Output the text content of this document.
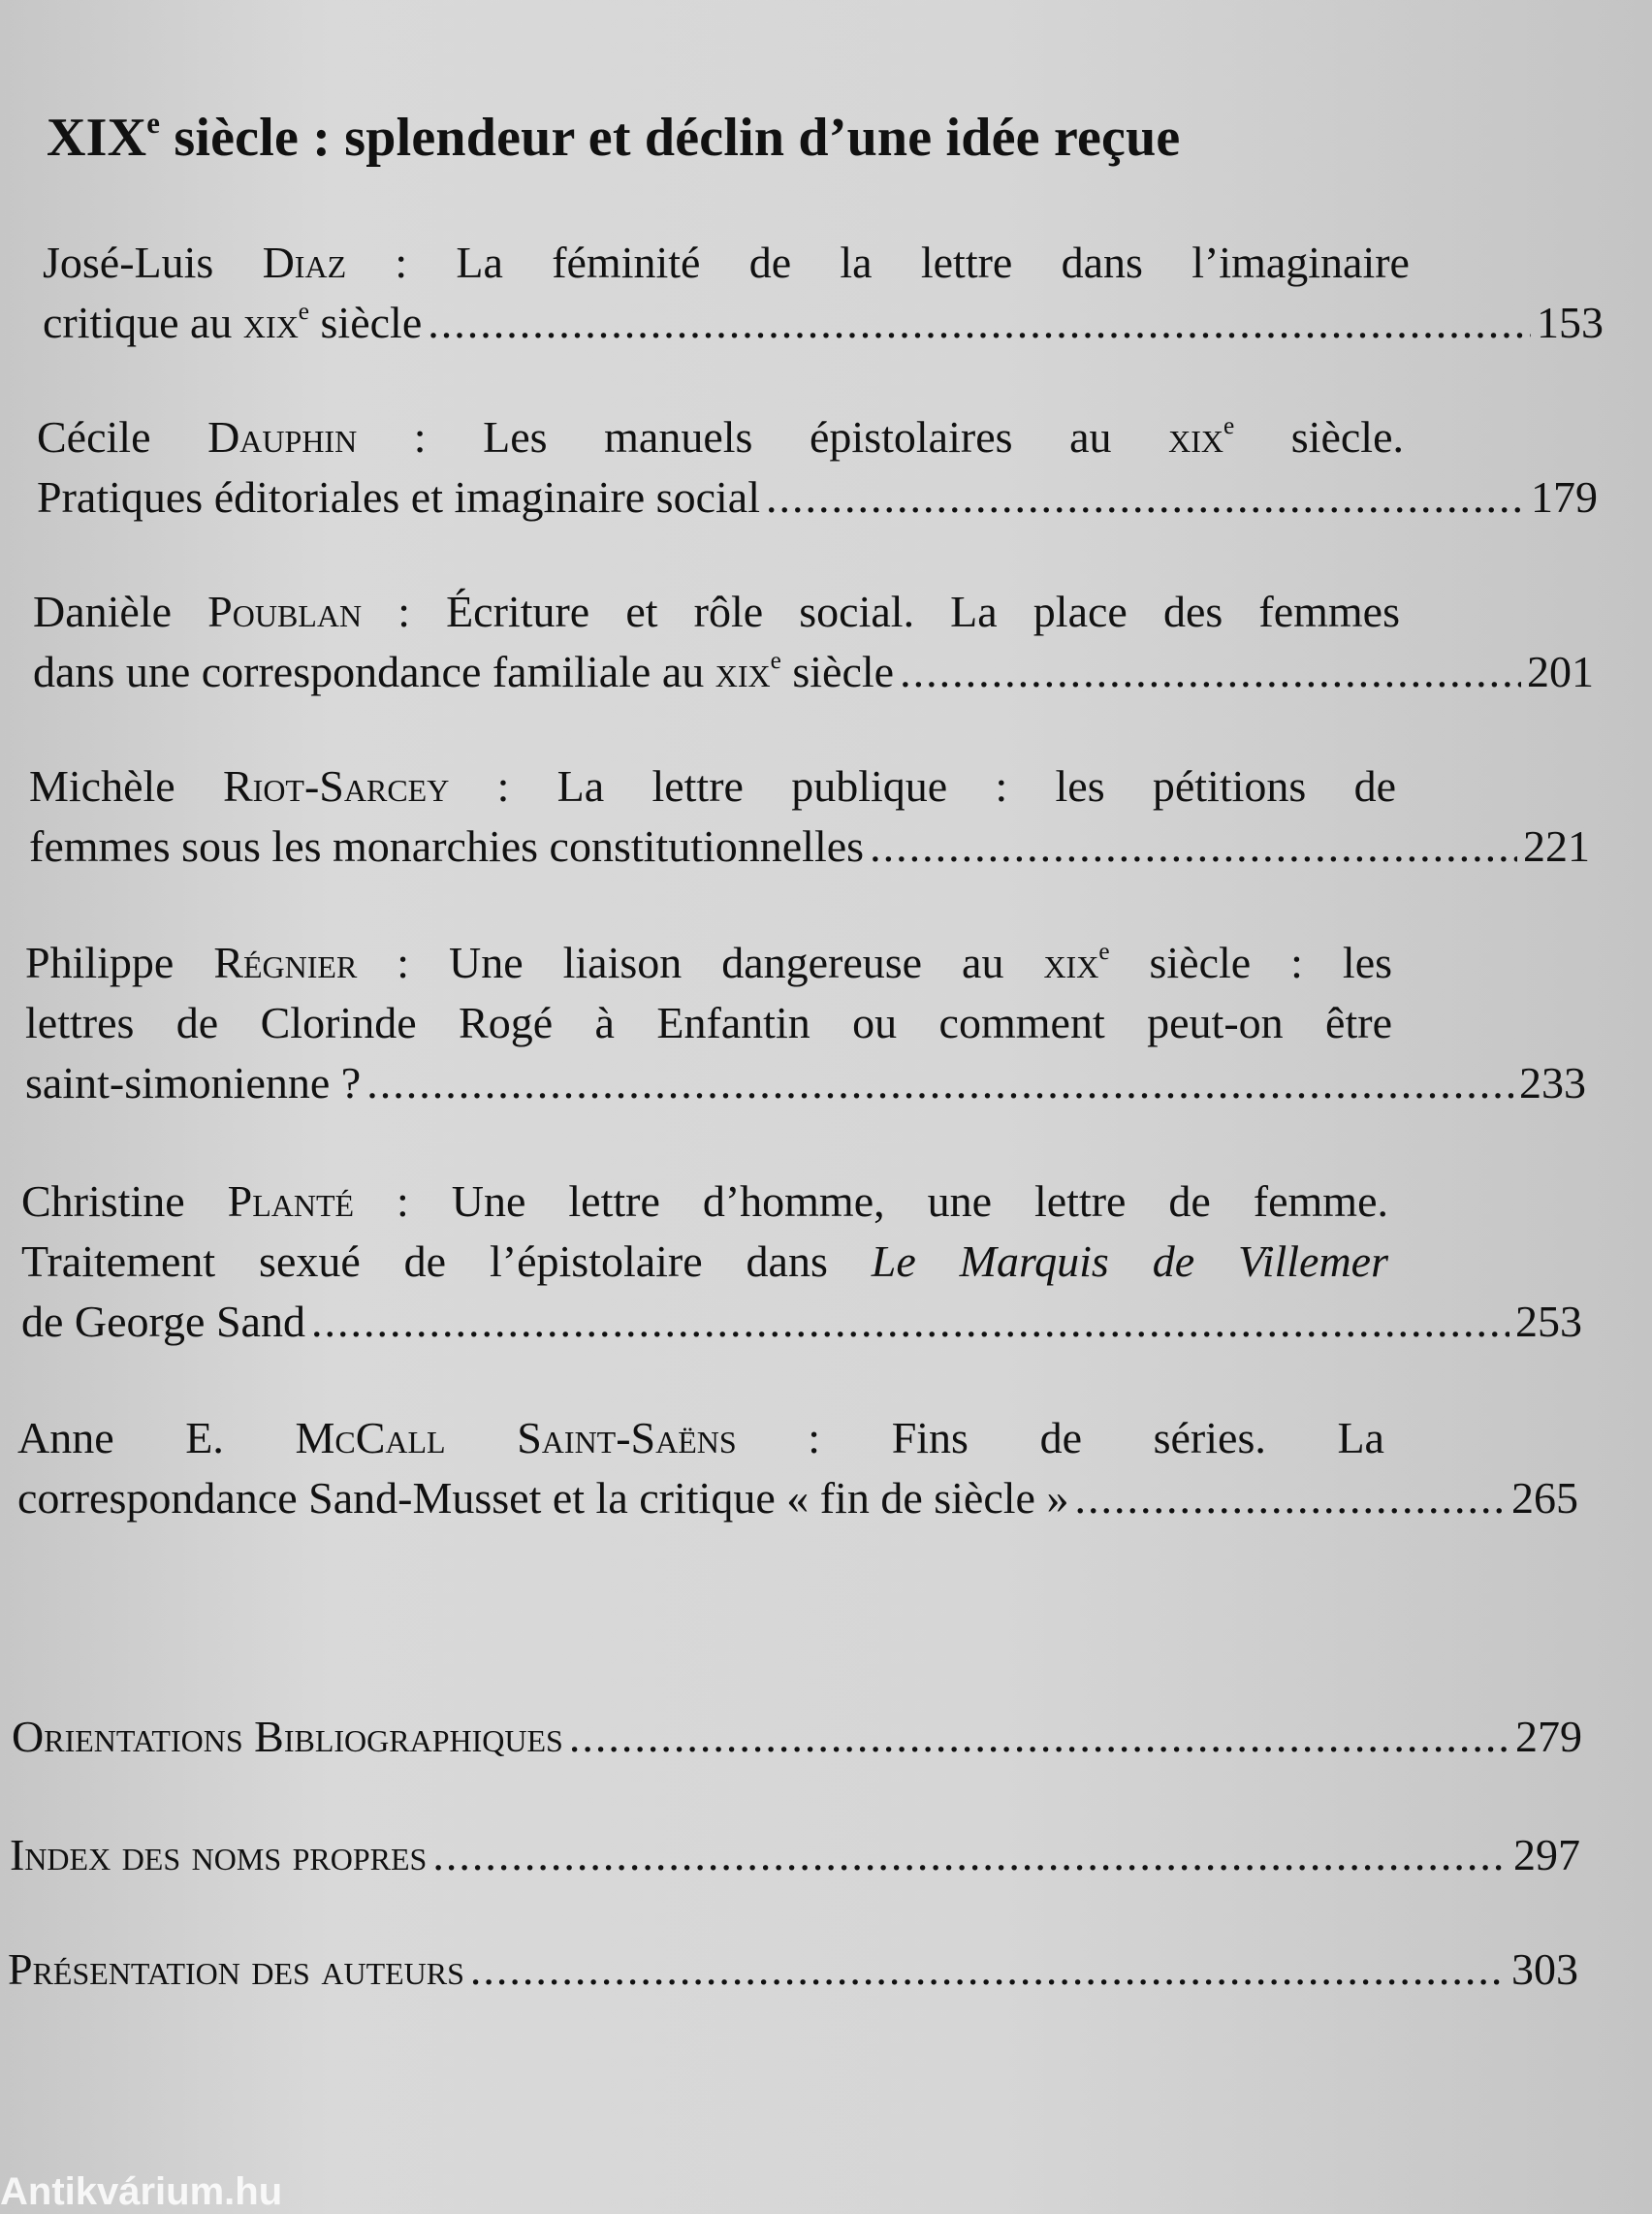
XIXe siècle : splendeur et déclin d’une idée reçue
José-Luis Diaz : La féminité de la lettre dans l’imaginaire
critique au xix$^e$ siècle .....	153
Cécile Dauphin : Les manuels épistolaires au xix$^e$ siècle.
Pratiques éditoriales et imaginaire social .....	179
Danièle Poublan : Écriture et rôle social. La place des femmes
dans une correspondance familiale au xix$^e$ siècle .....	201
Michèle Riot-Sarcey : La lettre publique : les pétitions de
femmes sous les monarchies constitutionnelles .....	221
Philippe Régnier : Une liaison dangereuse au xix$^e$ siècle : les
lettres de Clorinde Rogé à Enfantin ou comment peut-on être
saint-simonienne ? .....	233
Christine Planté : Une lettre d’homme, une lettre de femme.
Traitement sexué de l’épistolaire dans Le Marquis de Villemer
de George Sand .....	253
Anne E. McCall Saint-Saëns : Fins de séries. La
correspondance Sand-Musset et la critique « fin de siècle » .....	265
Orientations Bibliographiques .....	279
Index des noms propres .....	297
Présentation des auteurs .....	303
Antikvárium.hu
